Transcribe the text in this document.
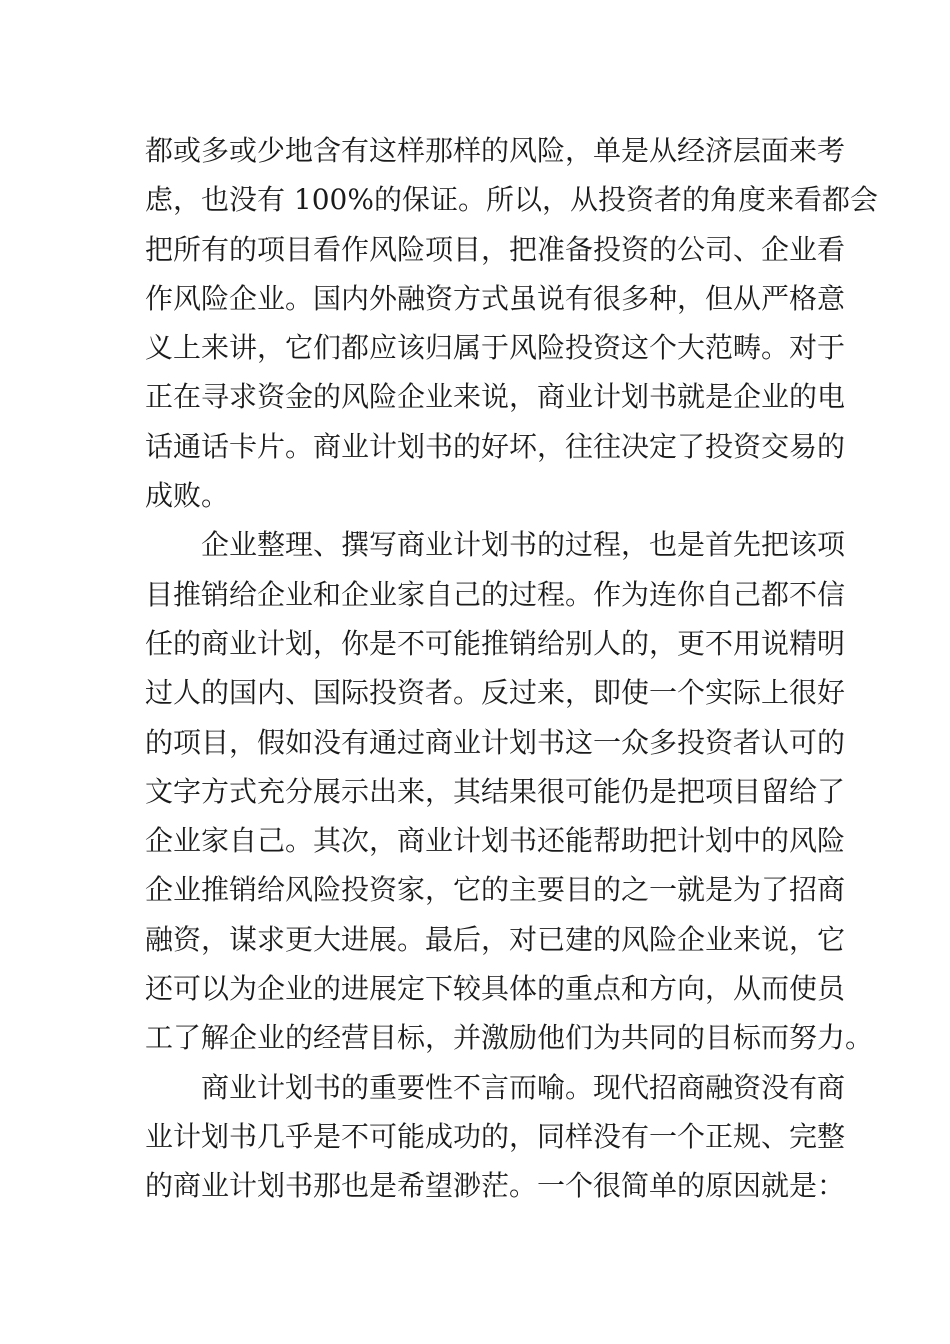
都或多或少地含有这样那样的风险，单是从经济层面来考
虑，也没有 100%的保证。所以，从投资者的角度来看都会
把所有的项目看作风险项目，把准备投资的公司、企业看
作风险企业。国内外融资方式虽说有很多种，但从严格意
义上来讲，它们都应该归属于风险投资这个大范畴。对于
正在寻求资金的风险企业来说，商业计划书就是企业的电
话通话卡片。商业计划书的好坏，往往决定了投资交易的
成败。
企业整理、撰写商业计划书的过程，也是首先把该项
目推销给企业和企业家自己的过程。作为连你自己都不信
任的商业计划，你是不可能推销给别人的，更不用说精明
过人的国内、国际投资者。反过来，即使一个实际上很好
的项目，假如没有通过商业计划书这一众多投资者认可的
文字方式充分展示出来，其结果很可能仍是把项目留给了
企业家自己。其次，商业计划书还能帮助把计划中的风险
企业推销给风险投资家，它的主要目的之一就是为了招商
融资，谋求更大进展。最后，对已建的风险企业来说，它
还可以为企业的进展定下较具体的重点和方向，从而使员
工了解企业的经营目标，并激励他们为共同的目标而努力。
商业计划书的重要性不言而喻。现代招商融资没有商
业计划书几乎是不可能成功的，同样没有一个正规、完整
的商业计划书那也是希望渺茫。一个很简单的原因就是：
